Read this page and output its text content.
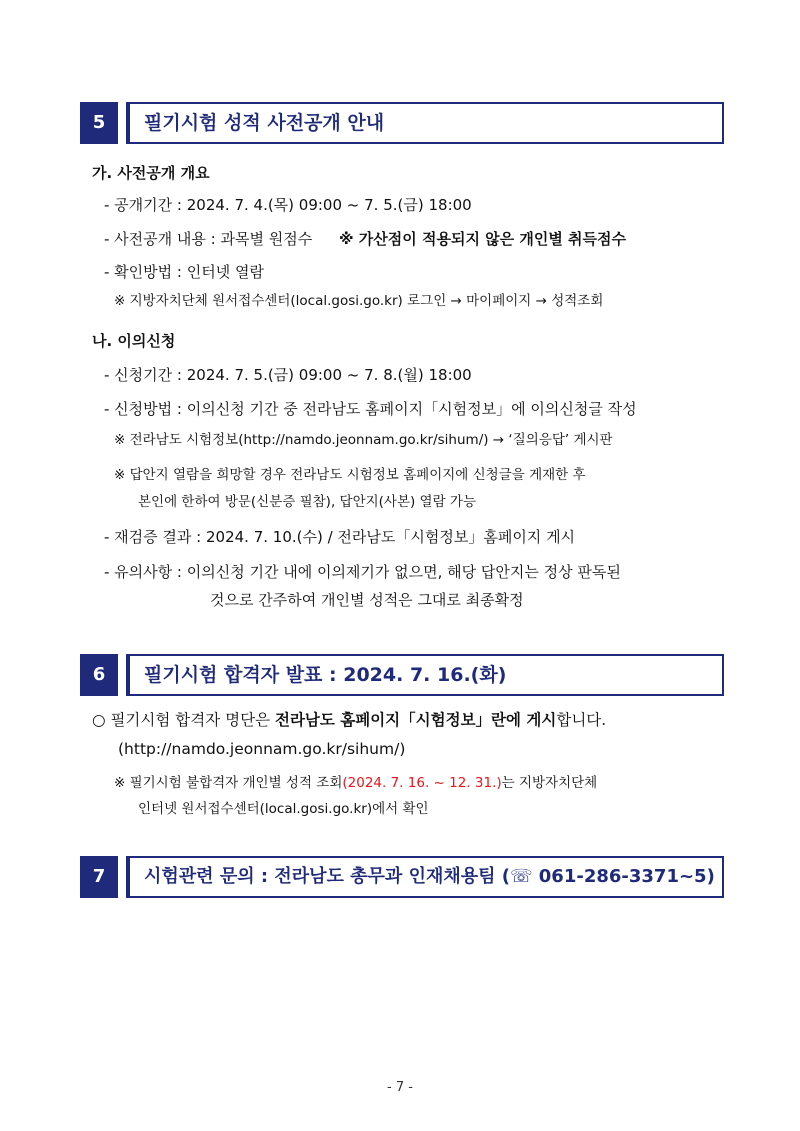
5	필기시험 성적 사전공개 안내
가. 사전공개 개요
- 공개기간 : 2024. 7. 4.(목) 09:00 ~ 7. 5.(금) 18:00
- 사전공개 내용 : 과목별 원점수 ※ 가산점이 적용되지 않은 개인별 취득점수
- 확인방법 : 인터넷 열람
※ 지방자치단체 원서접수센터(local.gosi.go.kr) 로그인 → 마이페이지 → 성적조회
나. 이의신청
- 신청기간 : 2024. 7. 5.(금) 09:00 ~ 7. 8.(월) 18:00
- 신청방법 : 이의신청 기간 중 전라남도 홈페이지「시험정보」에 이의신청글 작성
※ 전라남도 시험정보(http://namdo.jeonnam.go.kr/sihum/) → ‘질의응답’ 게시판
※ 답안지 열람을 희망할 경우 전라남도 시험정보 홈페이지에 신청글을 게재한 후
본인에 한하여 방문(신분증 필참), 답안지(사본) 열람 가능
- 재검증 결과 : 2024. 7. 10.(수) / 전라남도「시험정보」홈페이지 게시
- 유의사항 : 이의신청 기간 내에 이의제기가 없으면, 해당 답안지는 정상 판독된
것으로 간주하여 개인별 성적은 그대로 최종확정
6	필기시험 합격자 발표 : 2024. 7. 16.(화)
○ 필기시험 합격자 명단은 전라남도 홈페이지「시험정보」란에 게시합니다.
(http://namdo.jeonnam.go.kr/sihum/)
※ 필기시험 불합격자 개인별 성적 조회(2024. 7. 16. ~ 12. 31.)는 지방자치단체
인터넷 원서접수센터(local.gosi.go.kr)에서 확인
7	시험관련 문의 : 전라남도 총무과 인재채용팀 (☏ 061-286-3371~5)
- 7 -
